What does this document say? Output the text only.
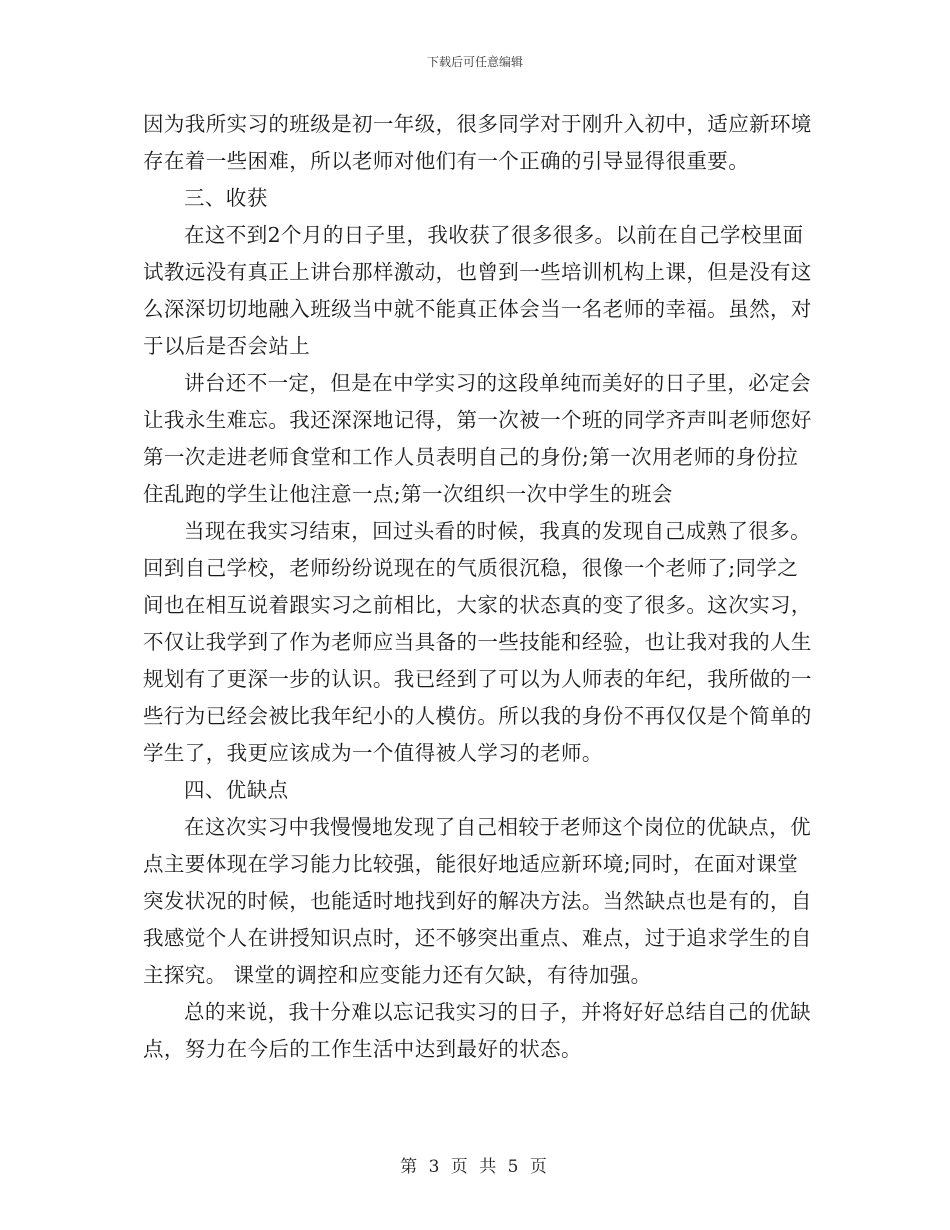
下载后可任意编辑

因为我所实习的班级是初一年级，很多同学对于刚升入初中，适应新环境存在着一些困难，所以老师对他们有一个正确的引导显得很重要。

三、收获

在这不到2个月的日子里，我收获了很多很多。以前在自己学校里面试教远没有真正上讲台那样激动，也曾到一些培训机构上课，但是没有这么深深切切地融入班级当中就不能真正体会当一名老师的幸福。虽然，对于以后是否会站上

讲台还不一定，但是在中学实习的这段单纯而美好的日子里，必定会让我永生难忘。我还深深地记得，第一次被一个班的同学齐声叫老师您好第一次走进老师食堂和工作人员表明自己的身份;第一次用老师的身份拉住乱跑的学生让他注意一点;第一次组织一次中学生的班会

当现在我实习结束，回过头看的时候，我真的发现自己成熟了很多。回到自己学校，老师纷纷说现在的气质很沉稳，很像一个老师了;同学之间也在相互说着跟实习之前相比，大家的状态真的变了很多。这次实习，不仅让我学到了作为老师应当具备的一些技能和经验，也让我对我的人生规划有了更深一步的认识。我已经到了可以为人师表的年纪，我所做的一些行为已经会被比我年纪小的人模仿。所以我的身份不再仅仅是个简单的学生了，我更应该成为一个值得被人学习的老师。

四、优缺点

在这次实习中我慢慢地发现了自己相较于老师这个岗位的优缺点，优点主要体现在学习能力比较强，能很好地适应新环境;同时，在面对课堂突发状况的时候，也能适时地找到好的解决方法。当然缺点也是有的，自我感觉个人在讲授知识点时，还不够突出重点、难点，过于追求学生的自主探究。 课堂的调控和应变能力还有欠缺，有待加强。

总的来说，我十分难以忘记我实习的日子，并将好好总结自己的优缺点，努力在今后的工作生活中达到最好的状态。

第 3 页 共 5 页
